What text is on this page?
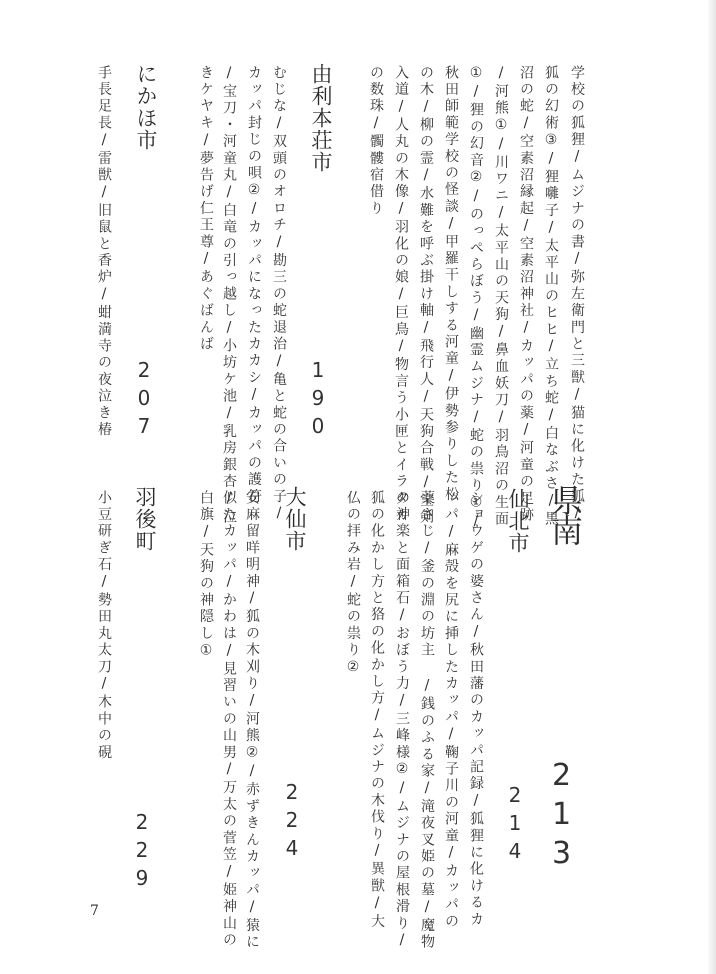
学校の狐狸/ムジナの書/弥左衛門と三獣/猫に化けた狐/
狐の幻術③/狸囃子/太平山のヒヒ/立ち蛇/白なぶさ/黒
沼の蛇/空素沼縁起/空素沼神社/カッパの薬/河童の足跡
/河熊①/川ワニ/太平山の天狗/鼻血妖刀/羽鳥沼の生面
①/狸の幻音②/のっぺらぼう/幽霊ムジナ/蛇の祟り①/
秋田師範学校の怪談/甲羅干しする河童/伊勢参りした松
の木/柳の霊/水難を呼ぶ掛け軸/飛行人/天狗合戦/宝剣
入道/人丸の木像/羽化の娘/巨鳥/物言う小匣とイラタカ
の数珠/髑髏宿借り
由利本荘市
190
むじな/双頭のオロチ/勘三の蛇退治/亀と蛇の合いの子/
カッパ封じの唄②/カッパになったカカシ/カッパの護符
/宝刀・河童丸/白竜の引っ越し/小坊ケ池/乳房銀杏/泣
きケヤキ/夢告げ仁王尊/あぐばんば
にかほ市
207
手長足長/雷獣/旧鼠と香炉/蚶満寺の夜泣き椿
県南
213
仙北市
214
ショウゲの婆さん/秋田藩のカッパ記録/狐狸に化けるカ
ッパ/麻殻を尻に挿したカッパ/鞠子川の河童/カッパの
薬さじ/釜の淵の坊主 /銭のふる家/滝夜叉姫の墓/魔物
の神楽と面箱石/おぼう力/三峰様②/ムジナの屋根滑り/
狐の化かし方と狢の化かし方/ムジナの木伐り/異獣/大
仏の拝み岩/蛇の祟り②
大仙市
224
安麻留咩明神/狐の木刈り/河熊②/赤ずきんカッパ/猿に
似たカッパ/かわは/見習いの山男/万太の菅笠/姫神山の
白旗/天狗の神隠し①
羽後町
229
小豆研ぎ石/勢田丸太刀/木中の硯
7
